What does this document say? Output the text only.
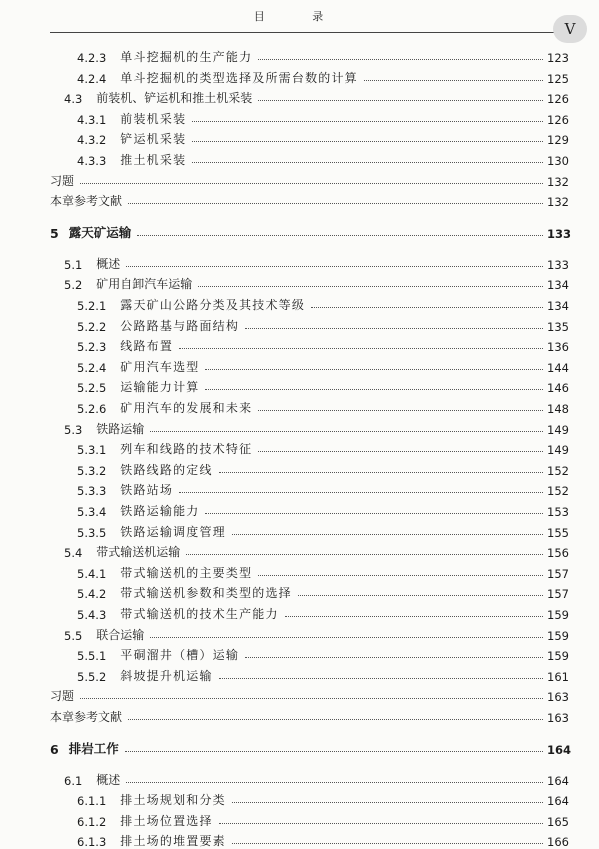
目 录
V
4.2.3 单斗挖掘机的生产能力	123
4.2.4 单斗挖掘机的类型选择及所需台数的计算	125
4.3 前装机、铲运机和推土机采装	126
4.3.1 前装机采装	126
4.3.2 铲运机采装	129
4.3.3 推土机采装	130
习题	132
本章参考文献	132
5 露天矿运输	133
5.1 概述	133
5.2 矿用自卸汽车运输	134
5.2.1 露天矿山公路分类及其技术等级	134
5.2.2 公路路基与路面结构	135
5.2.3 线路布置	136
5.2.4 矿用汽车选型	144
5.2.5 运输能力计算	146
5.2.6 矿用汽车的发展和未来	148
5.3 铁路运输	149
5.3.1 列车和线路的技术特征	149
5.3.2 铁路线路的定线	152
5.3.3 铁路站场	152
5.3.4 铁路运输能力	153
5.3.5 铁路运输调度管理	155
5.4 带式输送机运输	156
5.4.1 带式输送机的主要类型	157
5.4.2 带式输送机参数和类型的选择	157
5.4.3 带式输送机的技术生产能力	159
5.5 联合运输	159
5.5.1 平硐溜井（槽）运输	159
5.5.2 斜坡提升机运输	161
习题	163
本章参考文献	163
6 排岩工作	164
6.1 概述	164
6.1.1 排土场规划和分类	164
6.1.2 排土场位置选择	165
6.1.3 排土场的堆置要素	166
